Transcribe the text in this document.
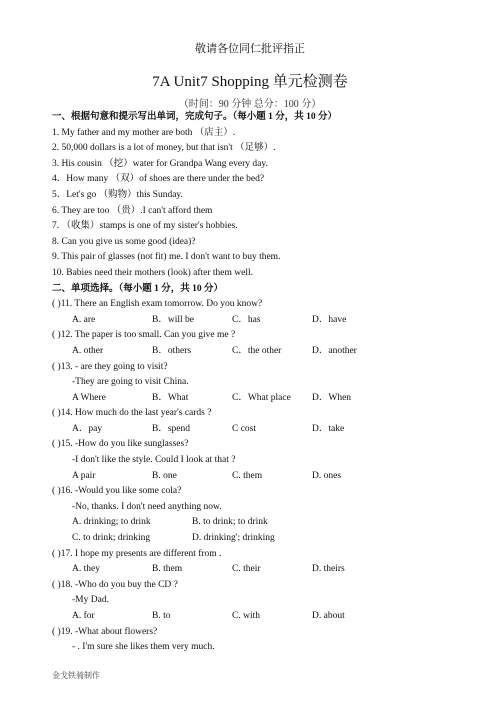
敬请各位同仁批评指正
7A Unit7 Shopping 单元检测卷
（时间：90 分钟 总分：100 分）
一、根据句意和提示写出单词，完成句子。（每小题 1 分，共 10 分）
1. My father and my mother are both （店主）.
2. 50,000 dollars is a lot of money, but that isn't （足够）.
3. His cousin （挖）water for Grandpa Wang every day.
4．How many （双）of shoes are there under the bed?
5．Let's go （购物）this Sunday.
6. They are too （贵）.I can't afford them
7. （收集）stamps is one of my sister's hobbies.
8. Can you give us some good (idea)?
9. This pair of glasses (not fit) me. I don't want to buy them.
10. Babies need their mothers (look) after them well.
二、单项选择。（每小题 1 分，共 10 分）
( )11. There an English exam tomorrow. Do you know?
A. are	B．will be	C．has	D．have
( )12. The paper is too small. Can you give me ?
A. other	B．others	C．the other	D．another
( )13. - are they going to visit?
-They are going to visit China.
A Where	B．What	C．What place	D．When
( )14. How much do the last year's cards ?
A．pay	B．spend	C cost	D．take
( )15. -How do you like sunglasses?
-I don't like the style. Could I look at that ?
A pair	B. one	C. them	D. ones
( )16. -Would you like some cola?
-No, thanks. I don't need anything now.
A. drinking; to drink	B. to drink; to drink
C. to drink; drinking	D. drinking'; drinking
( )17. I hope my presents are different from .
A. they	B. them	C. their	D. theirs
( )18. -Who do you buy the CD ?
-My Dad.
A. for	B. to	C. with	D. about
( )19. -What about flowers?
- . I'm sure she likes them very much.
金戈铁骑制作
